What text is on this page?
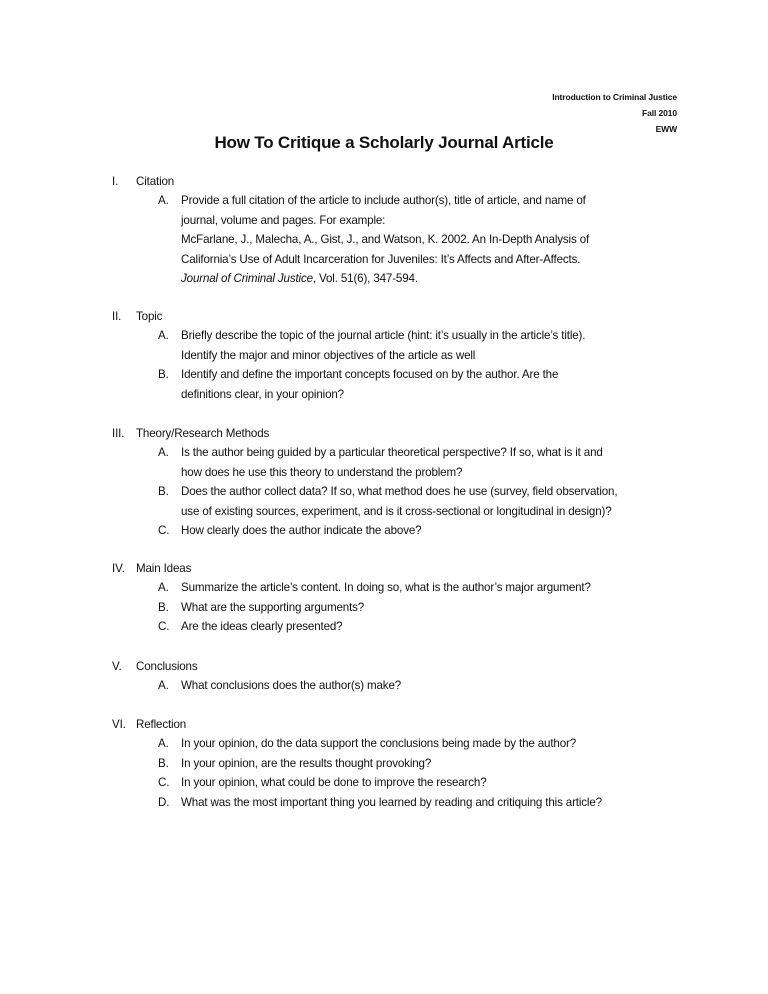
Introduction to Criminal Justice
Fall 2010
EWW
How To Critique a Scholarly Journal Article
I. Citation
A. Provide a full citation of the article to include author(s), title of article, and name of
journal, volume and pages. For example:
McFarlane, J., Malecha, A., Gist, J., and Watson, K. 2002. An In-Depth Analysis of
California’s Use of Adult Incarceration for Juveniles: It’s Affects and After-Affects.
Journal of Criminal Justice, Vol. 51(6), 347-594.
II. Topic
A. Briefly describe the topic of the journal article (hint: it’s usually in the article’s title).
Identify the major and minor objectives of the article as well
B. Identify and define the important concepts focused on by the author. Are the
definitions clear, in your opinion?
III. Theory/Research Methods
A. Is the author being guided by a particular theoretical perspective? If so, what is it and
how does he use this theory to understand the problem?
B. Does the author collect data? If so, what method does he use (survey, field observation,
use of existing sources, experiment, and is it cross-sectional or longitudinal in design)?
C. How clearly does the author indicate the above?
IV. Main Ideas
A. Summarize the article’s content. In doing so, what is the author’s major argument?
B. What are the supporting arguments?
C. Are the ideas clearly presented?
V. Conclusions
A. What conclusions does the author(s) make?
VI. Reflection
A. In your opinion, do the data support the conclusions being made by the author?
B. In your opinion, are the results thought provoking?
C. In your opinion, what could be done to improve the research?
D. What was the most important thing you learned by reading and critiquing this article?
